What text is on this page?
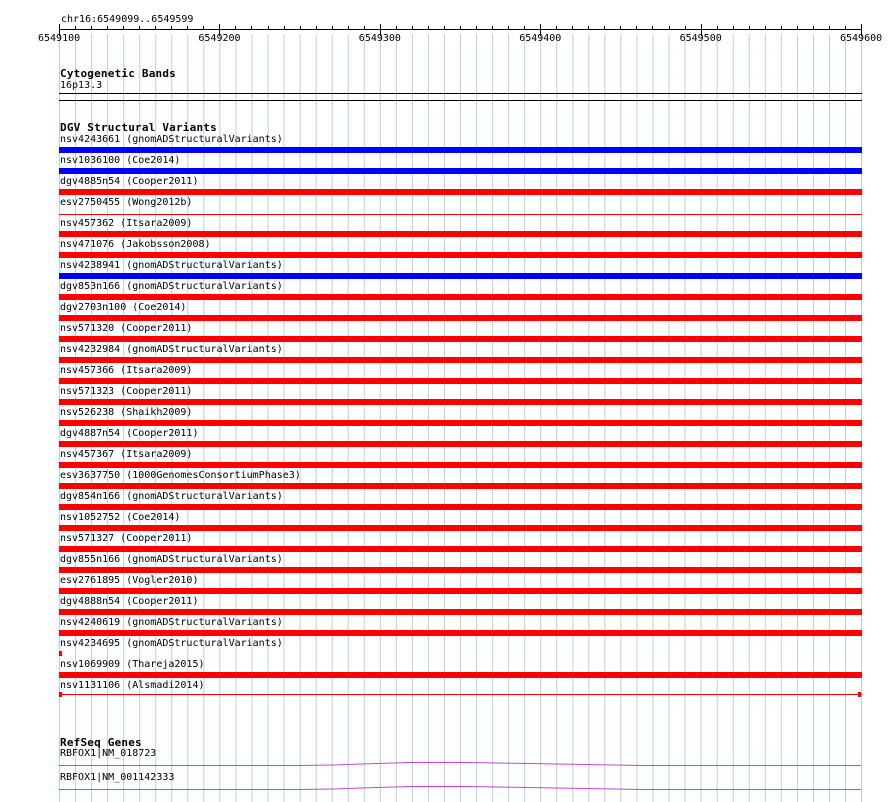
chr16:6549099..6549599
6549100	6549200	6549300	6549400	6549500	6549600
Cytogenetic Bands
16p13.3
DGV Structural Variants
nsv4243661 (gnomADStructuralVariants)
nsv1036100 (Coe2014)
dgv4885n54 (Cooper2011)
esv2750455 (Wong2012b)
nsv457362 (Itsara2009)
nsv471076 (Jakobsson2008)
nsv4238941 (gnomADStructuralVariants)
dgv853n166 (gnomADStructuralVariants)
dgv2703n100 (Coe2014)
nsv571320 (Cooper2011)
nsv4232984 (gnomADStructuralVariants)
nsv457366 (Itsara2009)
nsv571323 (Cooper2011)
nsv526238 (Shaikh2009)
dgv4887n54 (Cooper2011)
nsv457367 (Itsara2009)
esv3637750 (1000GenomesConsortiumPhase3)
dgv854n166 (gnomADStructuralVariants)
nsv1052752 (Coe2014)
nsv571327 (Cooper2011)
dgv855n166 (gnomADStructuralVariants)
esv2761895 (Vogler2010)
dgv4888n54 (Cooper2011)
nsv4240619 (gnomADStructuralVariants)
nsv4234695 (gnomADStructuralVariants)
nsv1069909 (Thareja2015)
nsv1131106 (Alsmadi2014)
RefSeq Genes
RBFOX1|NM_018723
RBFOX1|NM_001142333
